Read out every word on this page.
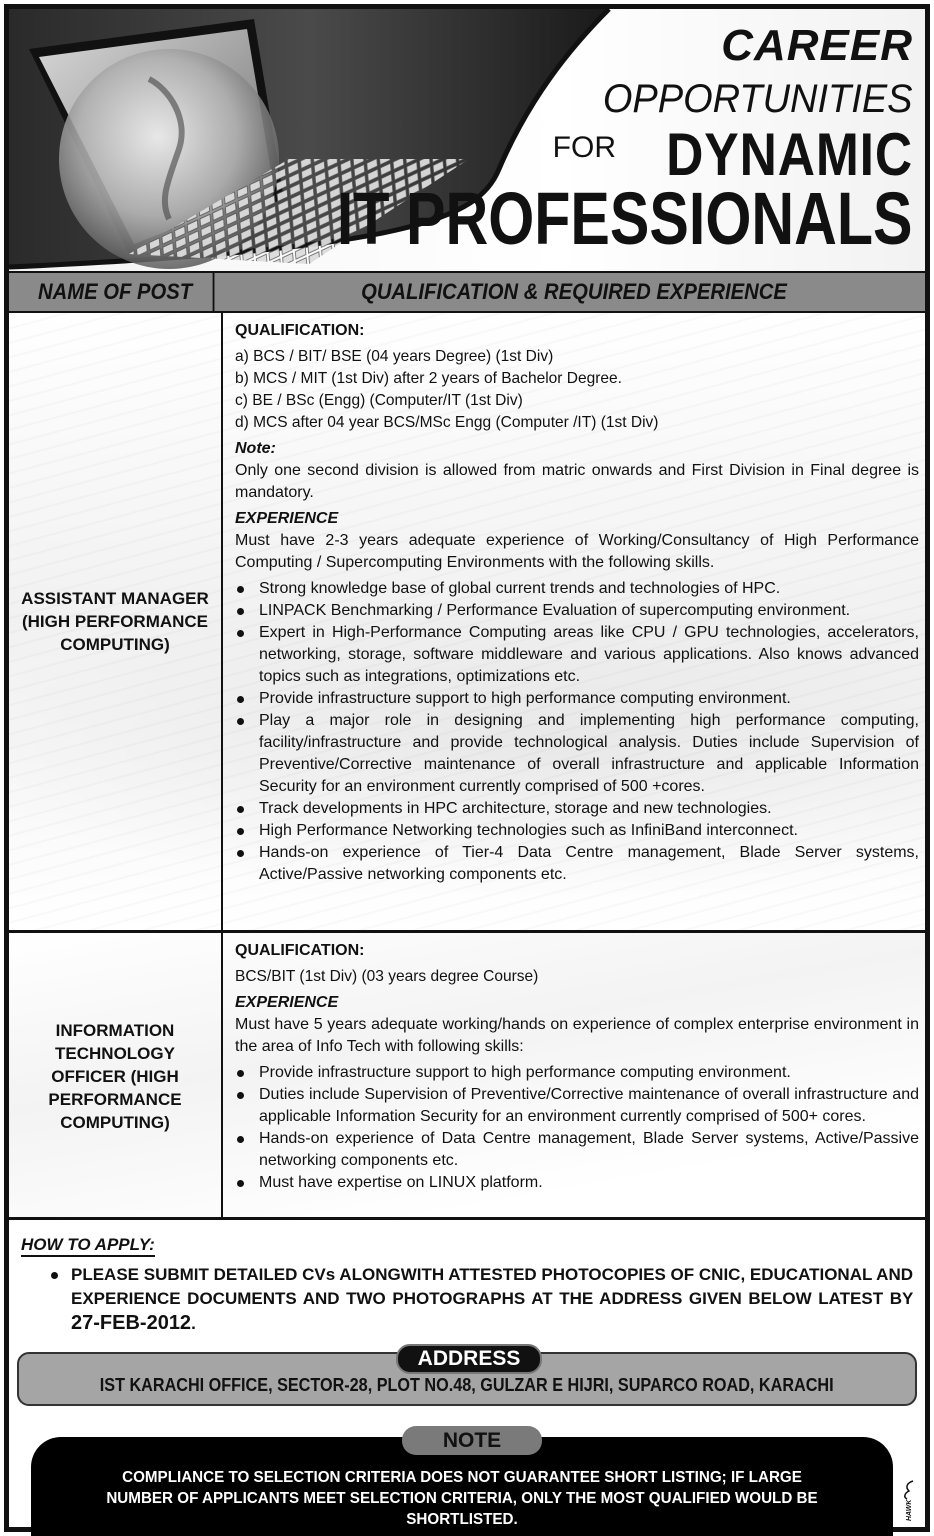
CAREER
OPPORTUNITIES
FOR DYNAMIC
IT PROFESSIONALS
NAME OF POST	QUALIFICATION & REQUIRED EXPERIENCE
ASSISTANT MANAGER (HIGH PERFORMANCE COMPUTING)
QUALIFICATION:
a) BCS / BIT/ BSE (04 years Degree) (1st Div)
b) MCS / MIT (1st Div) after 2 years of Bachelor Degree.
c) BE / BSc (Engg) (Computer/IT (1st Div)
d) MCS after 04 year BCS/MSc Engg (Computer /IT) (1st Div)
Note:
Only one second division is allowed from matric onwards and First Division in Final degree is mandatory.
EXPERIENCE
Must have 2-3 years adequate experience of Working/Consultancy of High Performance Computing / Supercomputing Environments with the following skills.
Strong knowledge base of global current trends and technologies of HPC.
LINPACK Benchmarking / Performance Evaluation of supercomputing environment.
Expert in High-Performance Computing areas like CPU / GPU technologies, accelerators, networking, storage, software middleware and various applications. Also knows advanced topics such as integrations, optimizations etc.
Provide infrastructure support to high performance computing environment.
Play a major role in designing and implementing high performance computing, facility/infrastructure and provide technological analysis. Duties include Supervision of Preventive/Corrective maintenance of overall infrastructure and applicable Information Security for an environment currently comprised of 500 +cores.
Track developments in HPC architecture, storage and new technologies.
High Performance Networking technologies such as InfiniBand interconnect.
Hands-on experience of Tier-4 Data Centre management, Blade Server systems, Active/Passive networking components etc.
INFORMATION TECHNOLOGY OFFICER (HIGH PERFORMANCE COMPUTING)
QUALIFICATION:
BCS/BIT (1st Div) (03 years degree Course)
EXPERIENCE
Must have 5 years adequate working/hands on experience of complex enterprise environment in the area of Info Tech with following skills:
Provide infrastructure support to high performance computing environment.
Duties include Supervision of Preventive/Corrective maintenance of overall infrastructure and applicable Information Security for an environment currently comprised of 500+ cores.
Hands-on experience of Data Centre management, Blade Server systems, Active/Passive networking components etc.
Must have expertise on LINUX platform.
HOW TO APPLY:
PLEASE SUBMIT DETAILED CVs ALONGWITH ATTESTED PHOTOCOPIES OF CNIC, EDUCATIONAL AND EXPERIENCE DOCUMENTS AND TWO PHOTOGRAPHS AT THE ADDRESS GIVEN BELOW LATEST BY 27-FEB-2012.
IST KARACHI OFFICE, SECTOR-28, PLOT NO.48, GULZAR E HIJRI, SUPARCO ROAD, KARACHI
ADDRESS
COMPLIANCE TO SELECTION CRITERIA DOES NOT GUARANTEE SHORT LISTING; IF LARGE NUMBER OF APPLICANTS MEET SELECTION CRITERIA, ONLY THE MOST QUALIFIED WOULD BE SHORTLISTED.
NOTE
HAWK
